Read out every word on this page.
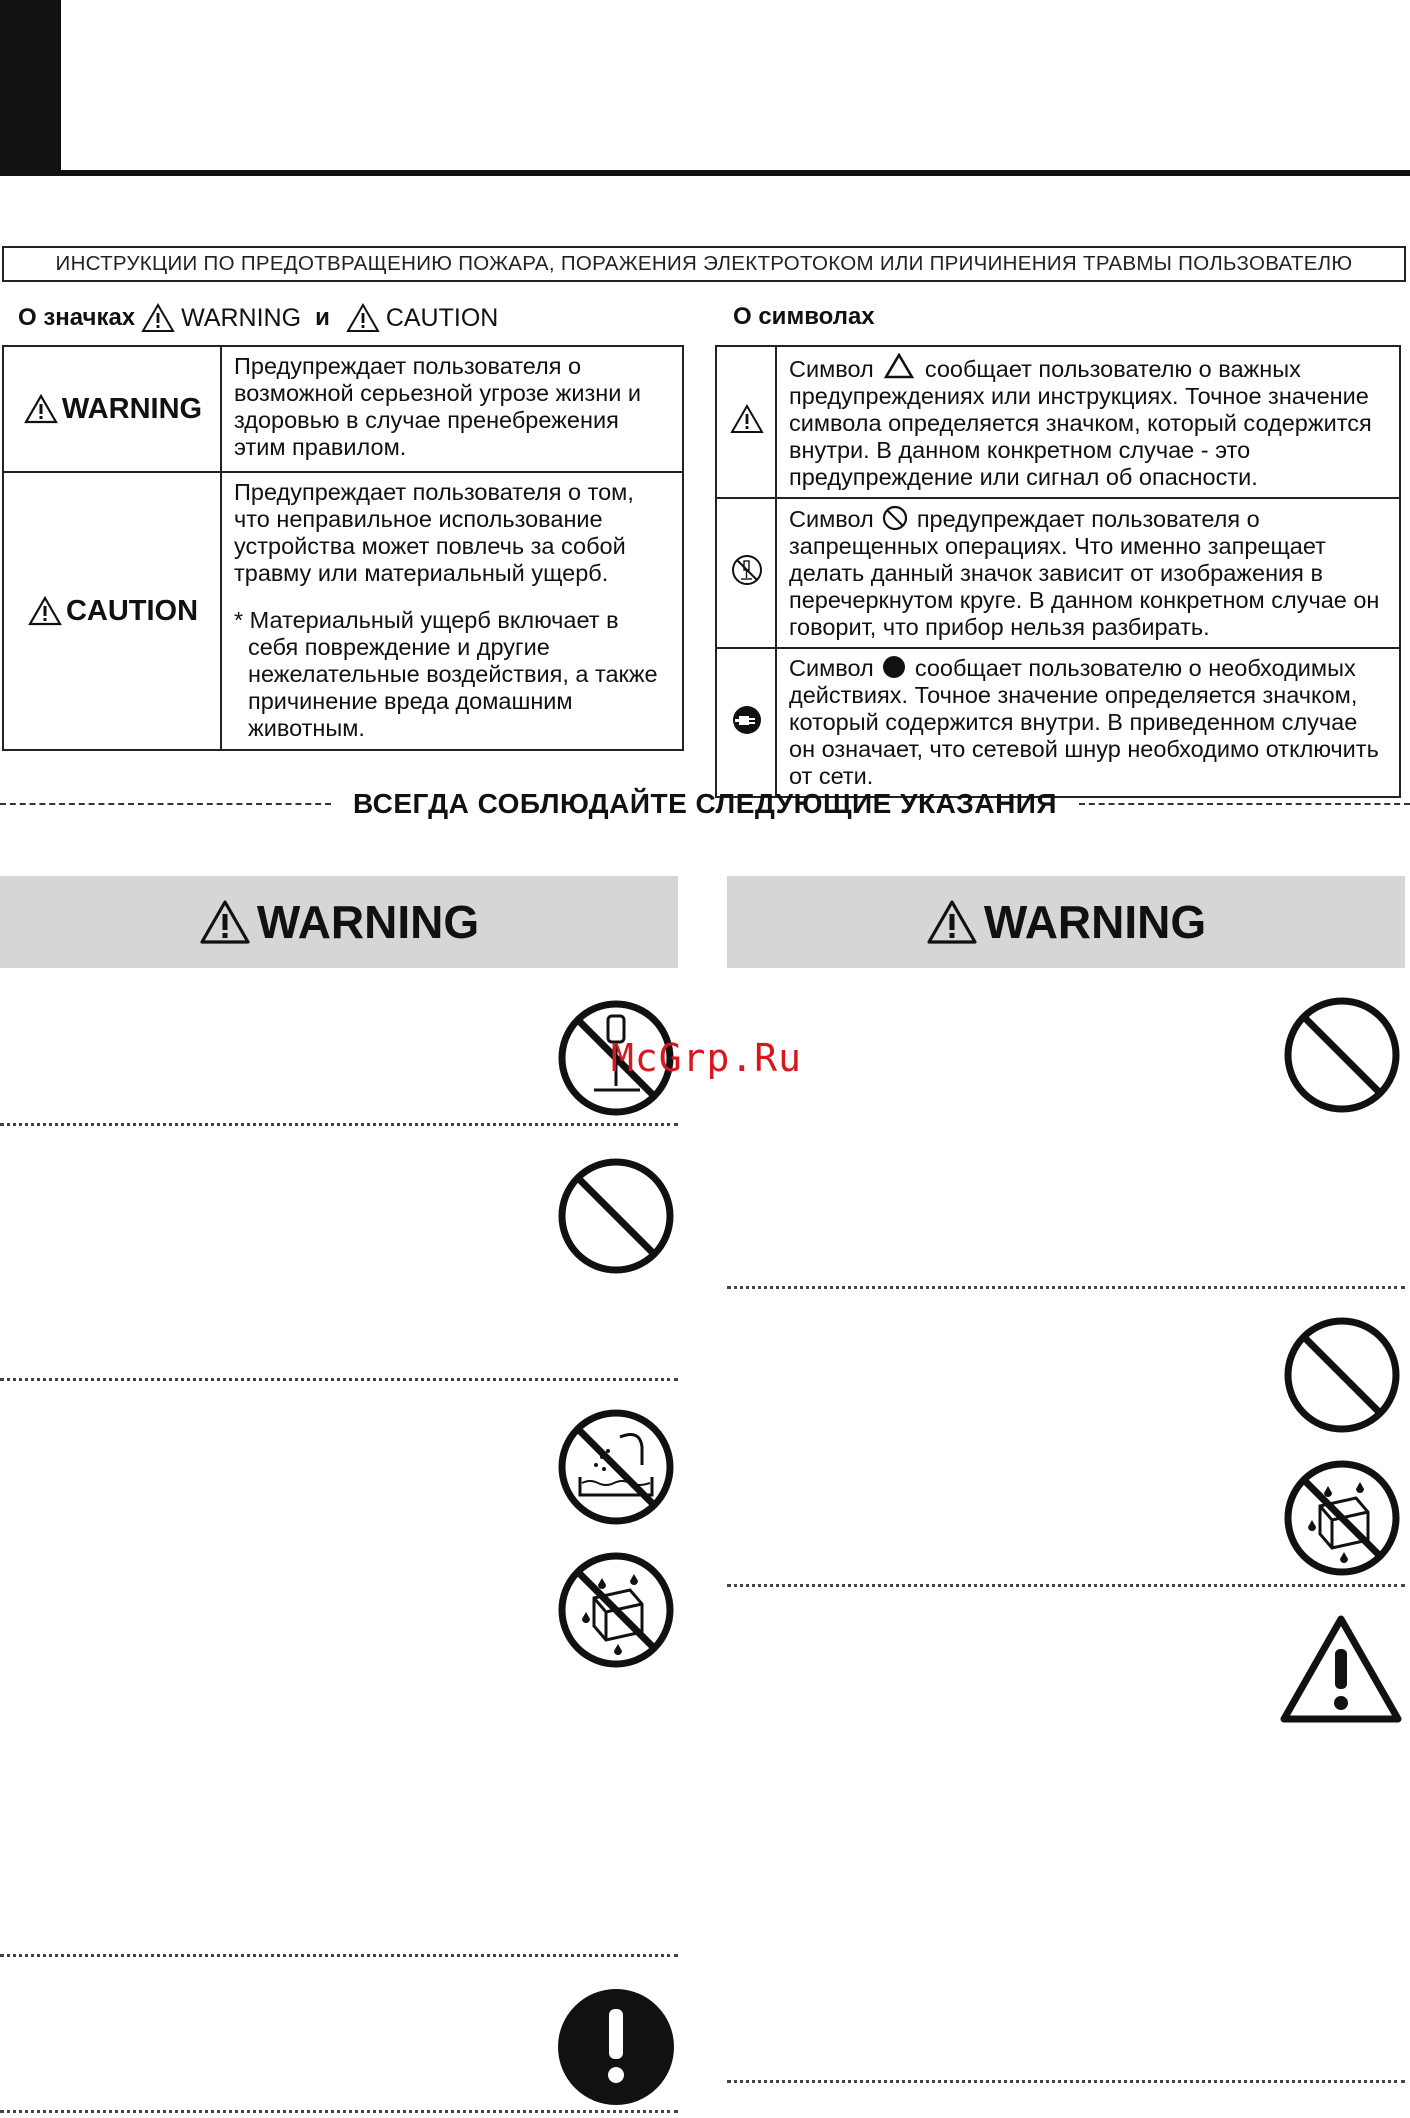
ИНСТРУКЦИИ ПО ПРЕДОТВРАЩЕНИЮ ПОЖАРА, ПОРАЖЕНИЯ ЭЛЕКТРОТОКОМ ИЛИ ПРИЧИНЕНИЯ ТРАВМЫ ПОЛЬЗОВАТЕЛЮ
О значках WARNING и CAUTION	О символах
WARNING	Предупреждает пользователя о возможной серьезной угрозе жизни и здоровью в случае пренебрежения этим правилом.

CAUTION	Предупреждает пользователя о том, что неправильное использование устройства может повлечь за собой травму или материальный ущерб.
* Материальный ущерб включает в себя повреждение и другие нежелательные воздействия, а также причинение вреда домашним животным.
	Символ сообщает пользователю о важных предупреждениях или инструкциях. Точное значение символа определяется значком, который содержится внутри. В данном конкретном случае - это предупреждение или сигнал об опасности.
	Символ предупреждает пользователя о запрещенных операциях. Что именно запрещает делать данный значок зависит от изображения в перечеркнутом круге. В данном конкретном случае он говорит, что прибор нельзя разбирать.
	Символ сообщает пользователю о необходимых действиях. Точное значение определяется значком, который содержится внутри. В приведенном случае он означает, что сетевой шнур необходимо отключить от сети.
ВСЕГДА СОБЛЮДАЙТЕ СЛЕДУЮЩИЕ УКАЗАНИЯ
WARNING	WARNING
McGrp.Ru
